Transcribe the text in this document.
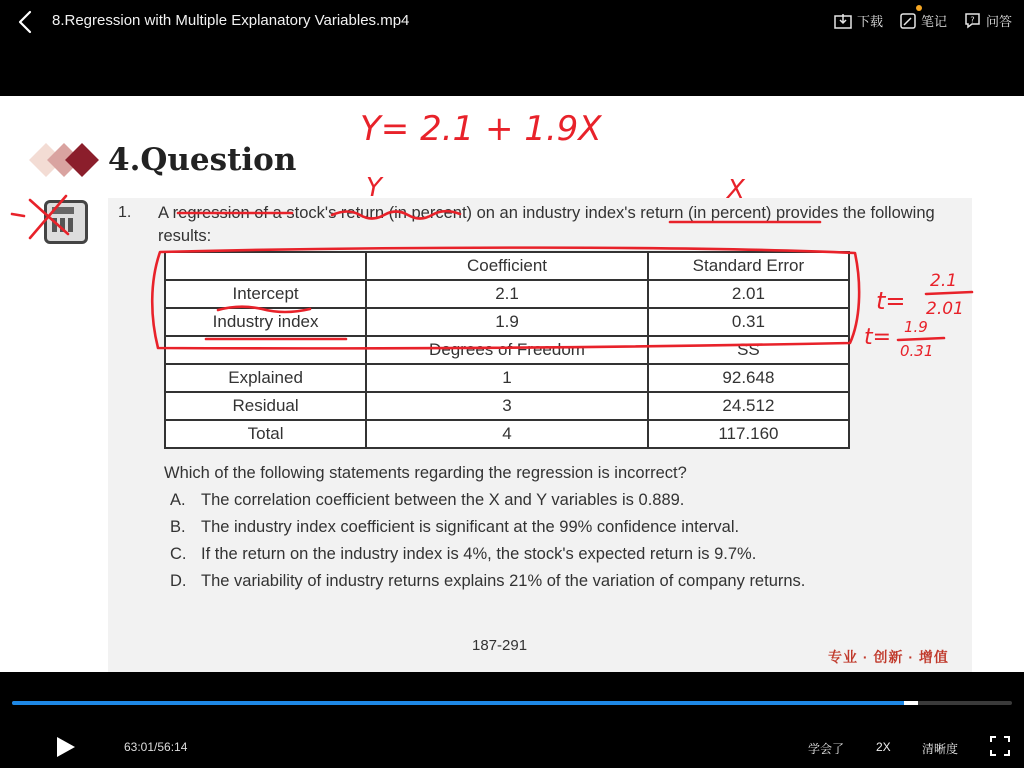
8.Regression with Multiple Explanatory Variables.mp4	下载	笔记	? 问答
4.Question
1. A regression of a stock's return (in percent) on an industry index's return (in percent) provides the following results:
	Coefficient	Standard Error
Intercept	2.1	2.01
Industry index	1.9	0.31
	Degrees of Freedom	SS
Explained	1	92.648
Residual	3	24.512
Total	4	117.160
Which of the following statements regarding the regression is incorrect?
A. The correlation coefficient between the X and Y variables is 0.889.
B. The industry index coefficient is significant at the 99% confidence interval.
C. If the return on the industry index is 4%, the stock's expected return is 9.7%.
D. The variability of industry returns explains 21% of the variation of company returns.
187-291
专业 · 创新 · 增值
Y= 2.1 + 1.9X
Y	X
t=
2.1
2.01
t= 1.9
0.31
63:01/56:14	学会了	2X	清晰度
